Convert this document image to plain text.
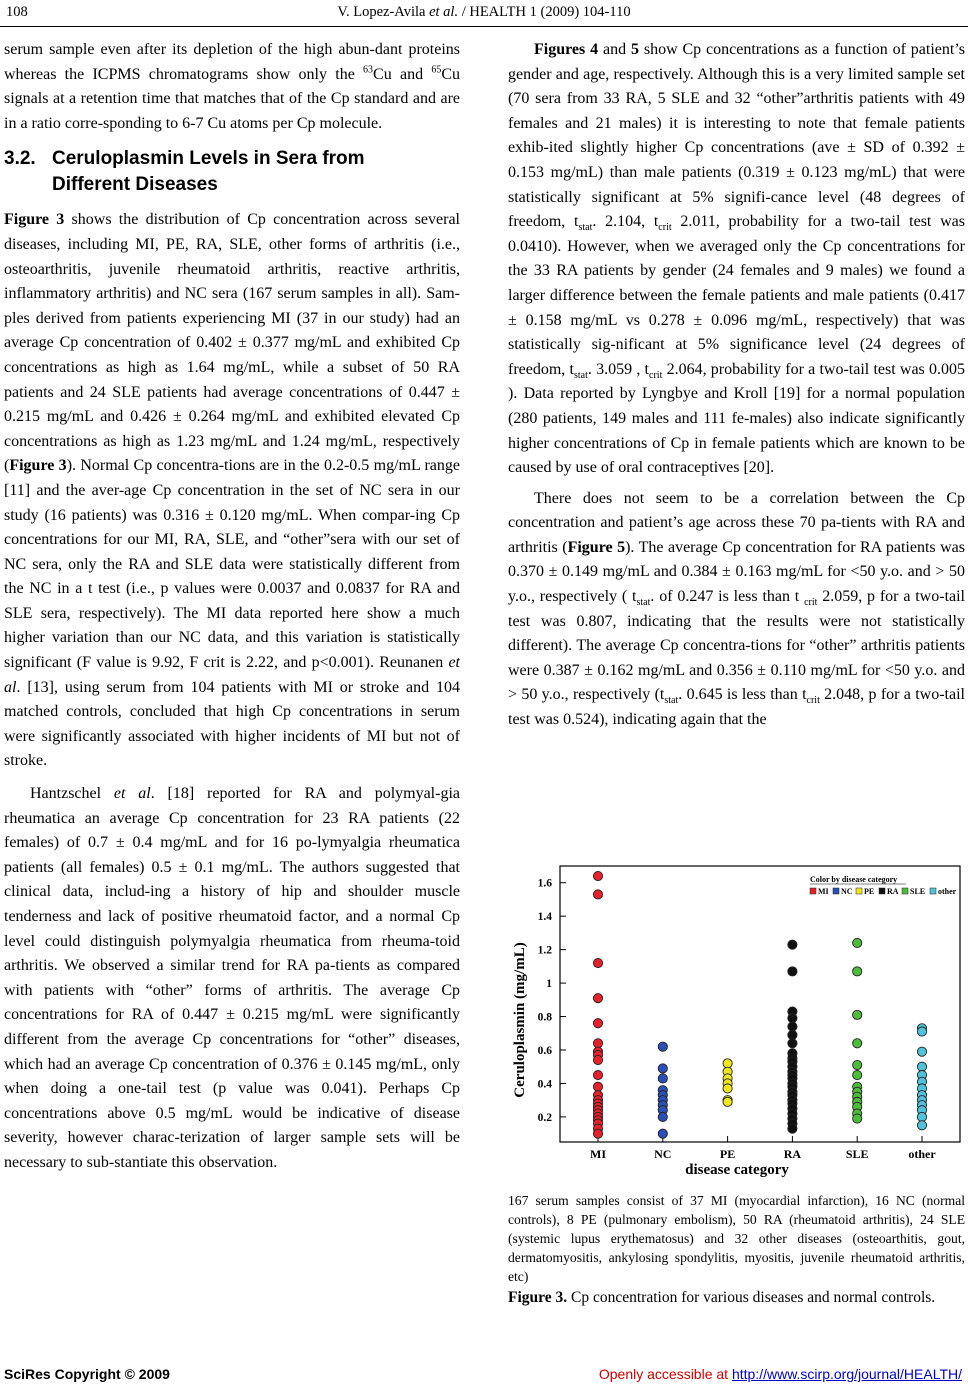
108	V. Lopez-Avila et al. / HEALTH 1 (2009) 104-110

serum sample even after its depletion of the high abun-dant proteins whereas the ICPMS chromatograms show only the $^{63}$Cu and $^{65}$Cu signals at a retention time that matches that of the Cp standard and are in a ratio corre-sponding to 6-7 Cu atoms per Cp molecule.

3.2. Ceruloplasmin Levels in Sera from
Different Diseases

Figure 3 shows the distribution of Cp concentration across several diseases, including MI, PE, RA, SLE, other forms of arthritis (i.e., osteoarthritis, juvenile rheumatoid arthritis, reactive arthritis, inflammatory arthritis) and NC sera (167 serum samples in all). Sam-ples derived from patients experiencing MI (37 in our study) had an average Cp concentration of 0.402 ± 0.377 mg/mL and exhibited Cp concentrations as high as 1.64 mg/mL, while a subset of 50 RA patients and 24 SLE patients had average concentrations of 0.447 ± 0.215 mg/mL and 0.426 ± 0.264 mg/mL and exhibited elevated Cp concentrations as high as 1.23 mg/mL and 1.24 mg/mL, respectively (Figure 3). Normal Cp concentra-tions are in the 0.2-0.5 mg/mL range [11] and the aver-age Cp concentration in the set of NC sera in our study (16 patients) was 0.316 ± 0.120 mg/mL. When compar-ing Cp concentrations for our MI, RA, SLE, and “other”sera with our set of NC sera, only the RA and SLE data were statistically different from the NC in a t test (i.e., p values were 0.0037 and 0.0837 for RA and SLE sera, respectively). The MI data reported here show a much higher variation than our NC data, and this variation is statistically significant (F value is 9.92, F crit is 2.22, and p<0.001). Reunanen et al. [13], using serum from 104 patients with MI or stroke and 104 matched controls, concluded that high Cp concentrations in serum were significantly associated with higher incidents of MI but not of stroke.

Hantzschel et al. [18] reported for RA and polymyal-gia rheumatica an average Cp concentration for 23 RA patients (22 females) of 0.7 ± 0.4 mg/mL and for 16 po-lymyalgia rheumatica patients (all females) 0.5 ± 0.1 mg/mL. The authors suggested that clinical data, includ-ing a history of hip and shoulder muscle tenderness and lack of positive rheumatoid factor, and a normal Cp level could distinguish polymyalgia rheumatica from rheuma-toid arthritis. We observed a similar trend for RA pa-tients as compared with patients with “other” forms of arthritis. The average Cp concentrations for RA of 0.447 ± 0.215 mg/mL were significantly different from the average Cp concentrations for “other” diseases, which had an average Cp concentration of 0.376 ± 0.145 mg/mL, only when doing a one-tail test (p value was 0.041). Perhaps Cp concentrations above 0.5 mg/mL would be indicative of disease severity, however charac-terization of larger sample sets will be necessary to sub-stantiate this observation.

Figures 4 and 5 show Cp concentrations as a function of patient’s gender and age, respectively. Although this is a very limited sample set (70 sera from 33 RA, 5 SLE and 32 “other”arthritis patients with 49 females and 21 males) it is interesting to note that female patients exhib-ited slightly higher Cp concentrations (ave ± SD of 0.392 ± 0.153 mg/mL) than male patients (0.319 ± 0.123 mg/mL) that were statistically significant at 5% signifi-cance level (48 degrees of freedom, $t_{stat}$. 2.104, $t_{crit}$ 2.011, probability for a two-tail test was 0.0410). However, when we averaged only the Cp concentrations for the 33 RA patients by gender (24 females and 9 males) we found a larger difference between the female patients and male patients (0.417 ± 0.158 mg/mL vs 0.278 ± 0.096 mg/mL, respectively) that was statistically sig-nificant at 5% significance level (24 degrees of freedom, $t_{stat}$. 3.059 , $t_{crit}$ 2.064, probability for a two-tail test was 0.005 ). Data reported by Lyngbye and Kroll [19] for a normal population (280 patients, 149 males and 111 fe-males) also indicate significantly higher concentrations of Cp in female patients which are known to be caused by use of oral contraceptives [20].

There does not seem to be a correlation between the Cp concentration and patient’s age across these 70 pa-tients with RA and arthritis (Figure 5). The average Cp concentration for RA patients was 0.370 ± 0.149 mg/mL and 0.384 ± 0.163 mg/mL for <50 y.o. and > 50 y.o., respectively ( $t_{stat}$. of 0.247 is less than t $_{crit}$ 2.059, p for a two-tail test was 0.807, indicating that the results were not statistically different). The average Cp concentra-tions for “other” arthritis patients were 0.387 ± 0.162 mg/mL and 0.356 ± 0.110 mg/mL for <50 y.o. and > 50 y.o., respectively ($t_{stat}$. 0.645 is less than $t_{crit}$ 2.048, p for a two-tail test was 0.524), indicating again that the

0.2
0.4
0.6
0.8
1
1.2
1.4
1.6
MI	NC	PE	RA	SLE	other
Color by disease category
MI NC PE RA SLE other
Ceruloplasmin (mg/mL)
disease category
167 serum samples consist of 37 MI (myocardial infarction), 16 NC (normal controls), 8 PE (pulmonary embolism), 50 RA (rheumatoid arthritis), 24 SLE (systemic lupus erythematosus) and 32 other diseases (osteoarthitis, gout, dermatomyositis, ankylosing spondylitis, myositis, juvenile rheumatoid arthritis, etc)
Figure 3. Cp concentration for various diseases and normal controls.
SciRes Copyright © 2009	Openly accessible at http://www.scirp.org/journal/HEALTH/
